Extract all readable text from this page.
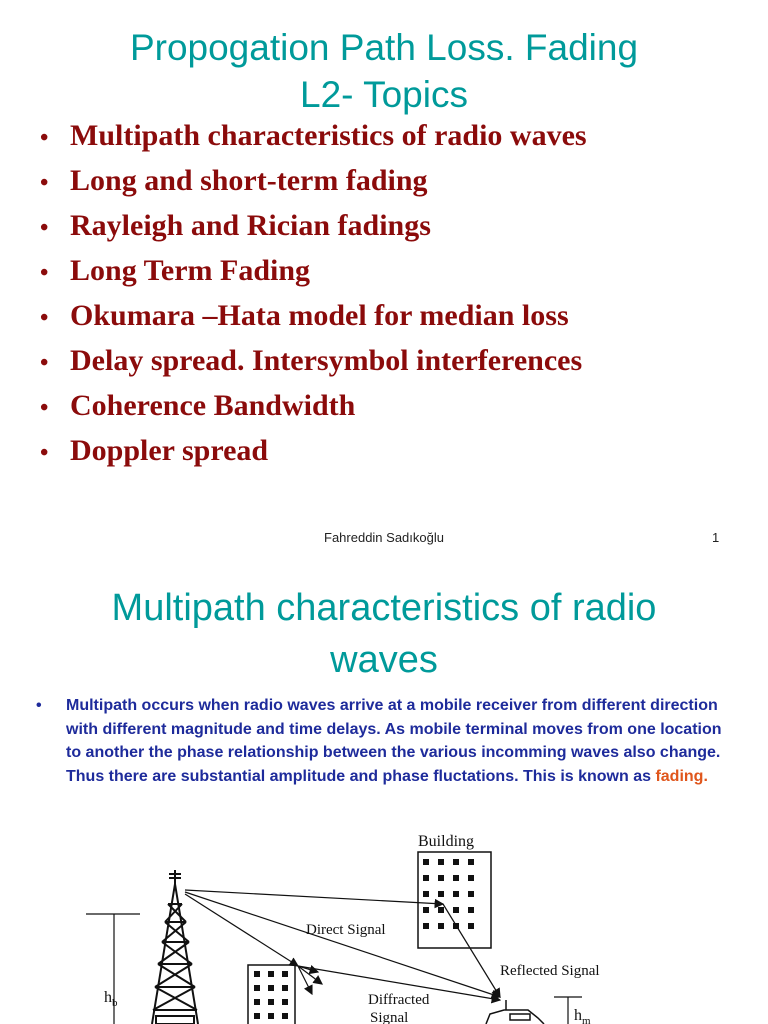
Propogation Path Loss. Fading
L2- Topics
• Multipath characteristics of radio waves
• Long and short-term fading
• Rayleigh and Rician fadings
• Long Term Fading
• Okumara –Hata model for median loss
• Delay spread. Intersymbol interferences
• Coherence Bandwidth
• Doppler spread
Fahreddin Sadıkoğlu	1
Multipath characteristics of radio
waves
•	Multipath occurs when radio waves arrive at a mobile receiver from different direction with different magnitude and time delays. As mobile terminal moves from one location to another the phase relationship between the various incomming waves also change. Thus there are substantial amplitude and phase fluctations. This is known as fading.
Building
$h_b$
$h_m$
Direct Signal
Reflected Signal
Diffracted
Signal
